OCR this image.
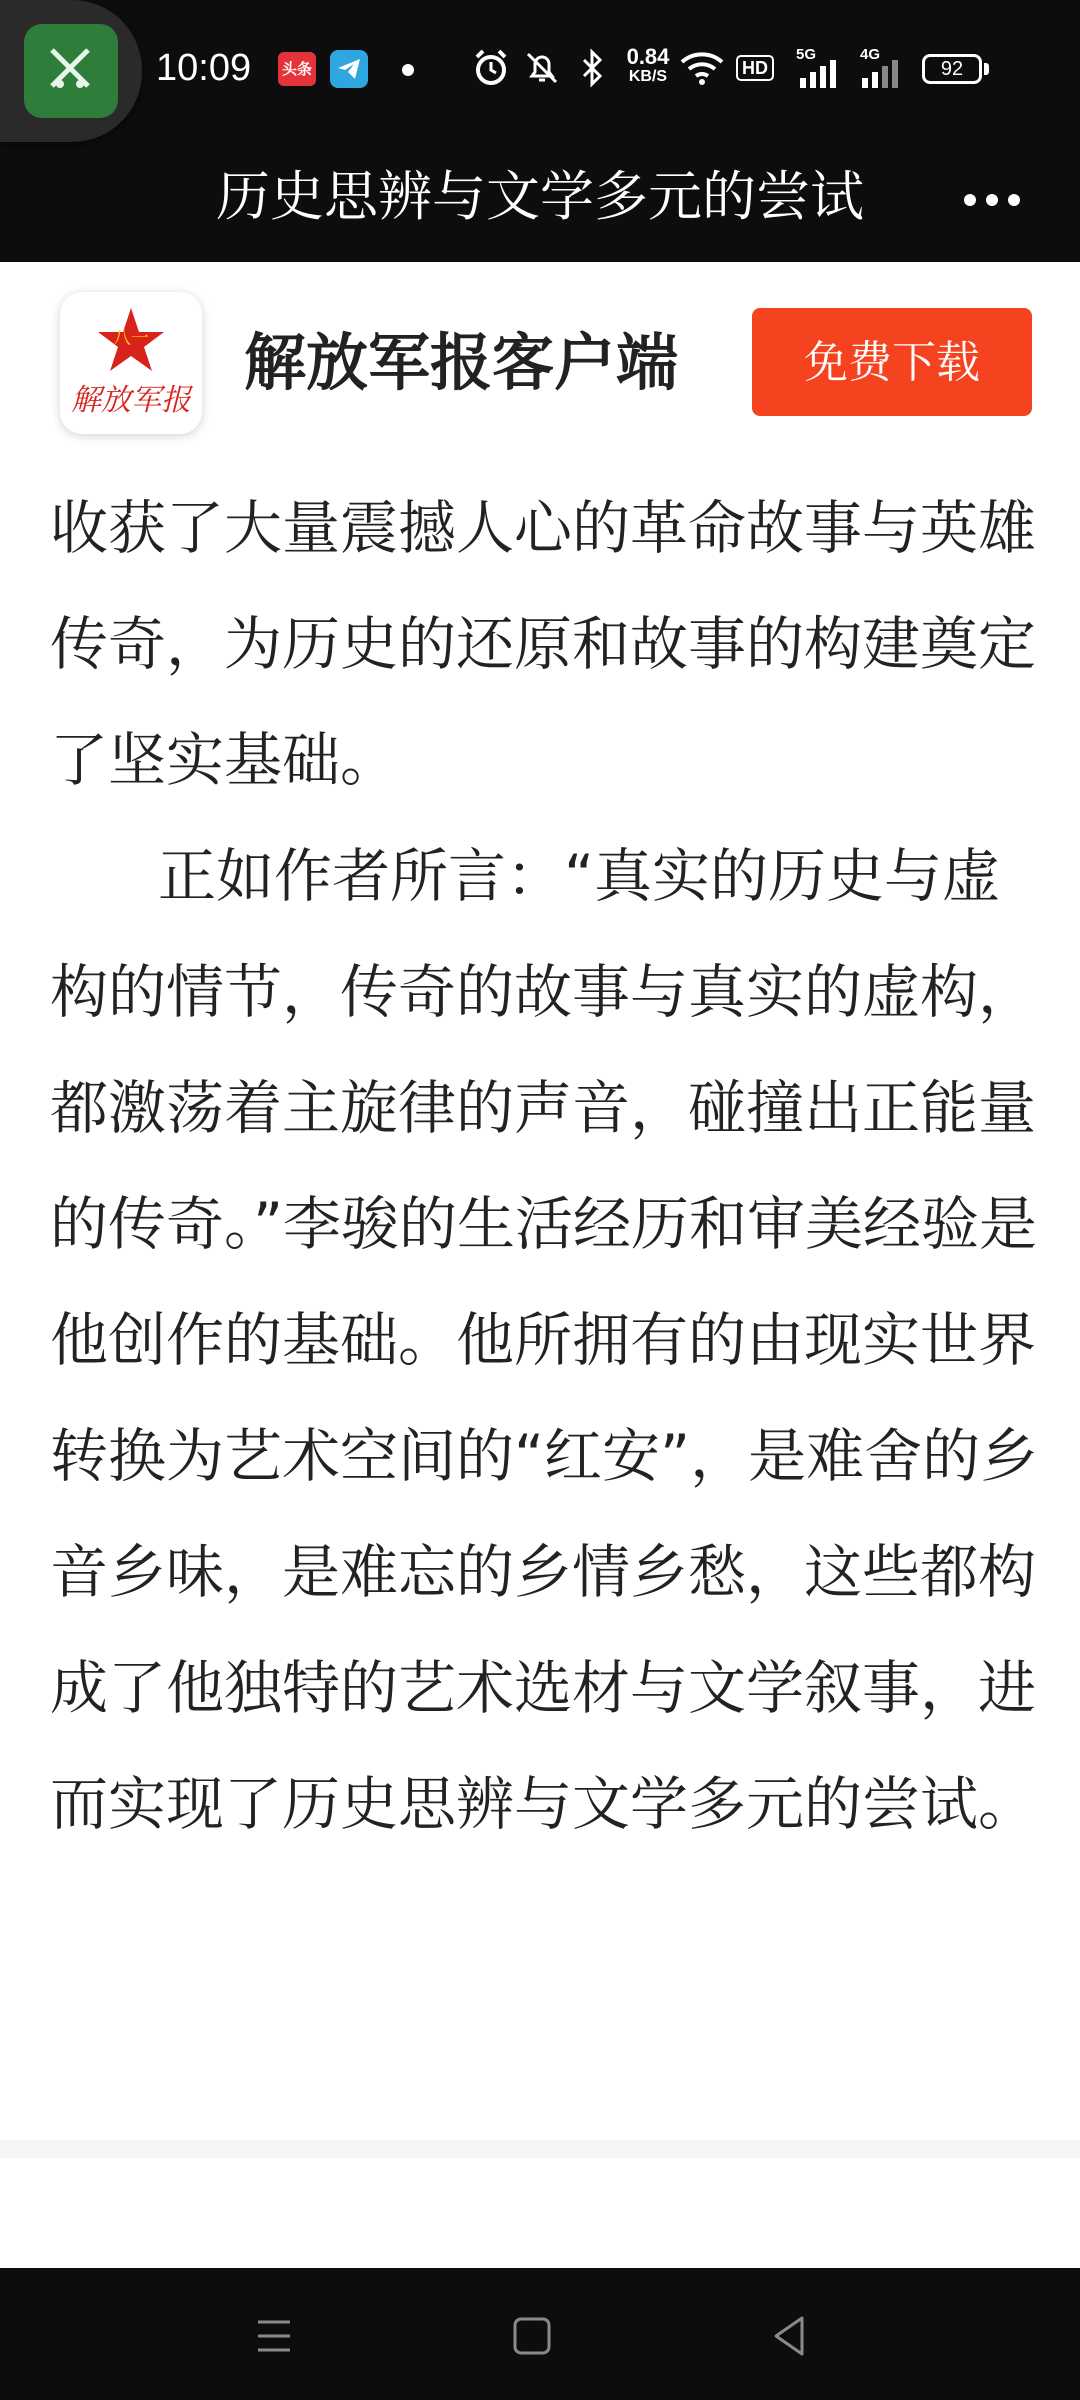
10:09 头条	0.84
KB/S	HD
5G	4G
92
历史思辨与文学多元的尝试
八一
解放军报
解放军报客户端	免费下载

收获了大量震撼人心的革命故事与英雄传奇，为历史的还原和故事的构建奠定了坚实基础。

正如作者所言：“真实的历史与虚构的情节，传奇的故事与真实的虚构，都激荡着主旋律的声音，碰撞出正能量的传奇。”李骏的生活经历和审美经验是他创作的基础。他所拥有的由现实世界转换为艺术空间的“红安”，是难舍的乡音乡味，是难忘的乡情乡愁，这些都构成了他独特的艺术选材与文学叙事，进而实现了历史思辨与文学多元的尝试。
